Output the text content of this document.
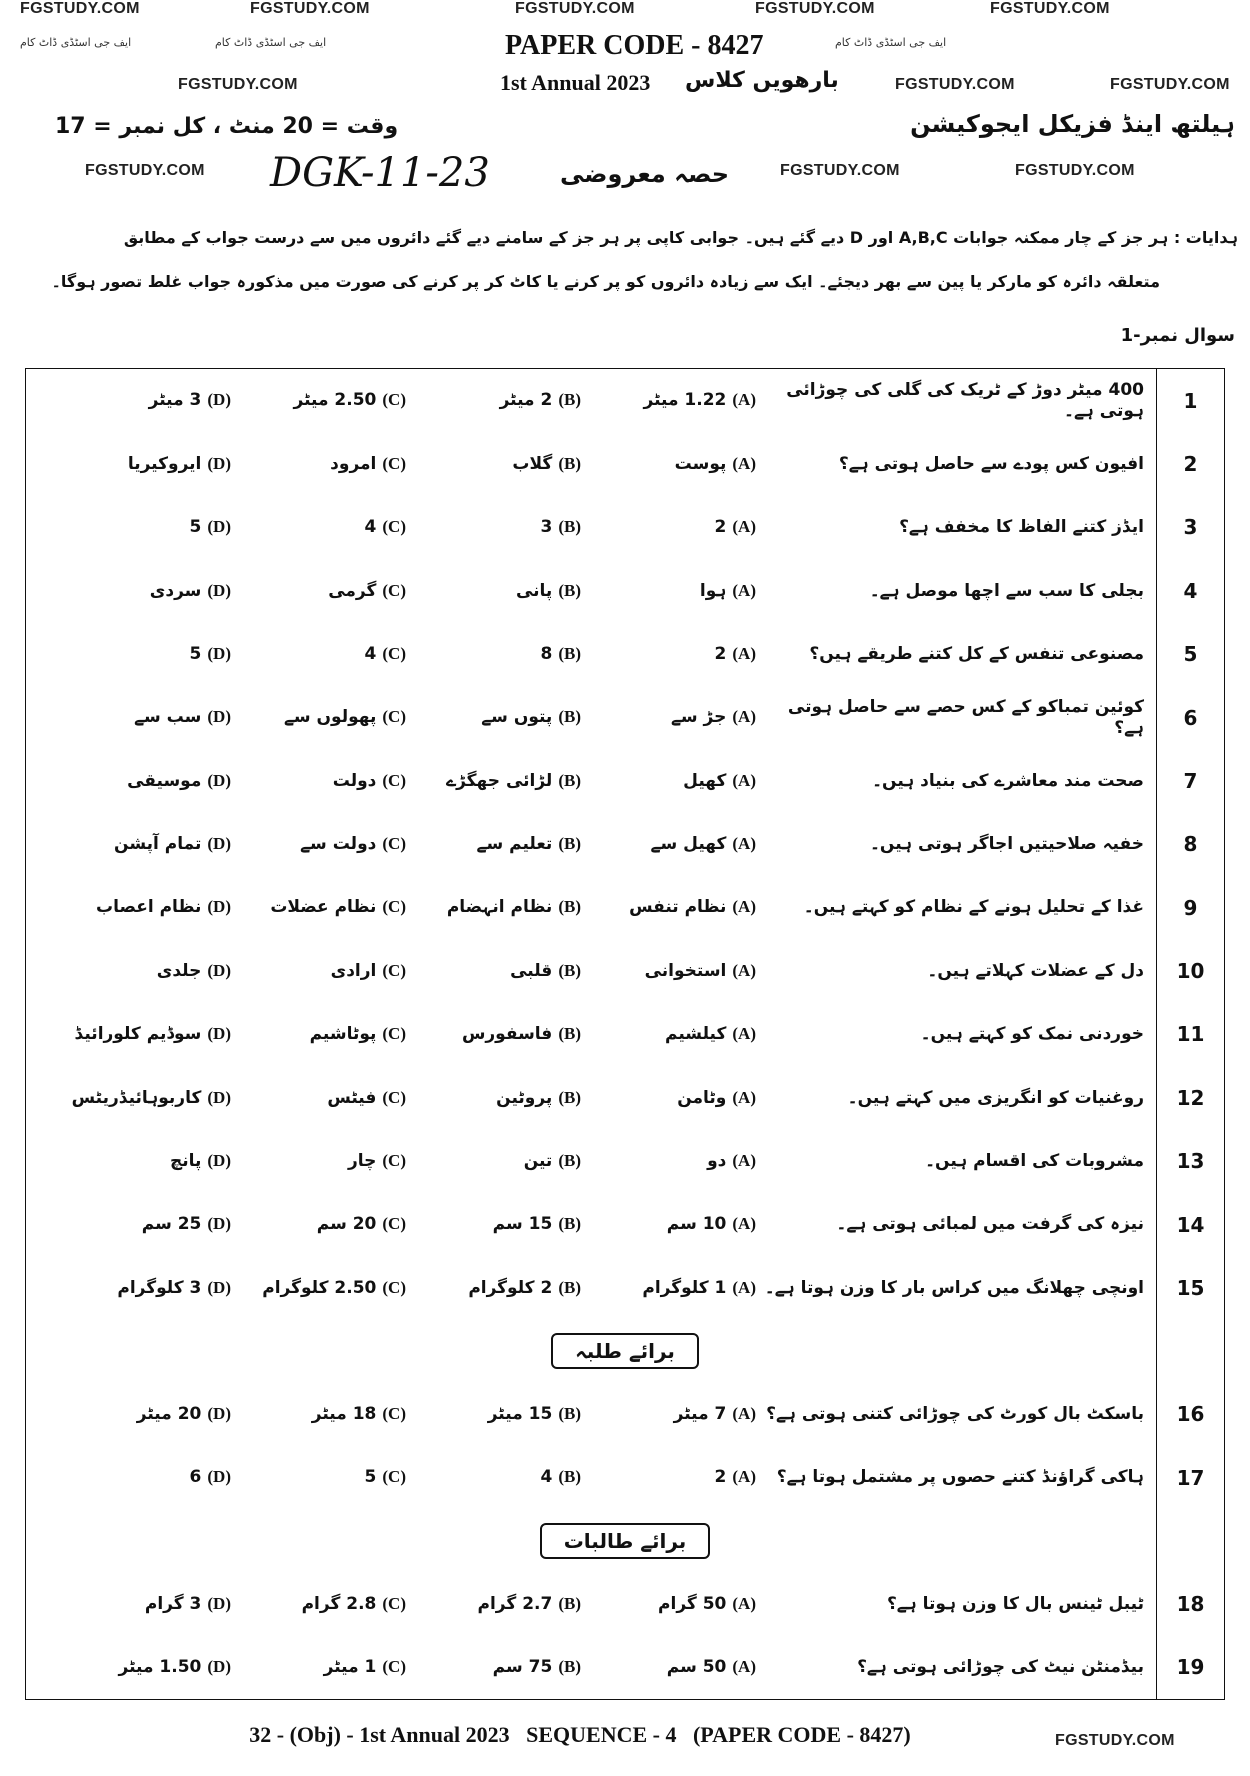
FGSTUDY.COM	FGSTUDY.COM	FGSTUDY.COM	FGSTUDY.COM	FGSTUDY.COM
ایف جی اسٹڈی ڈاٹ کام	ایف جی اسٹڈی ڈاٹ کام	ایف جی اسٹڈی ڈاٹ کام
FGSTUDY.COM	FGSTUDY.COM	FGSTUDY.COM
FGSTUDY.COM	FGSTUDY.COM	FGSTUDY.COM
PAPER CODE - 8427
1st Annual 2023 بارھویں کلاس
ہیلتھ اینڈ فزیکل ایجوکیشن
وقت = 20 منٹ ، کل نمبر = 17
DGK-11-23	حصہ معروضی
ہدایات : ہر جز کے چار ممکنہ جوابات A,B,C اور D دیے گئے ہیں۔ جوابی کاپی پر ہر جز کے سامنے دیے گئے دائروں میں سے درست جواب کے مطابق
متعلقہ دائرہ کو مارکر یا پین سے بھر دیجئے۔ ایک سے زیادہ دائروں کو پر کرنے یا کاٹ کر پر کرنے کی صورت میں مذکورہ جواب غلط تصور ہوگا۔
سوال نمبر-1
1
400 میٹر دوڑ کے ٹریک کی گلی کی چوڑائی ہوتی ہے۔
(A)1.22 میٹر
(B)2 میٹر
(C)2.50 میٹر
(D)3 میٹر
2
افیون کس پودے سے حاصل ہوتی ہے؟
(A)پوست
(B)گلاب
(C)امرود
(D)ایروکیریا
3
ایڈز کتنے الفاظ کا مخفف ہے؟
(A)2
(B)3
(C)4
(D)5
4
بجلی کا سب سے اچھا موصل ہے۔
(A)ہوا
(B)پانی
(C)گرمی
(D)سردی
5
مصنوعی تنفس کے کل کتنے طریقے ہیں؟
(A)2
(B)8
(C)4
(D)5
6
کوئین تمباکو کے کس حصے سے حاصل ہوتی ہے؟
(A)جڑ سے
(B)پتوں سے
(C)پھولوں سے
(D)سب سے
7
صحت مند معاشرے کی بنیاد ہیں۔
(A)کھیل
(B)لڑائی جھگڑے
(C)دولت
(D)موسیقی
8
خفیہ صلاحیتیں اجاگر ہوتی ہیں۔
(A)کھیل سے
(B)تعلیم سے
(C)دولت سے
(D)تمام آپشن
9
غذا کے تحلیل ہونے کے نظام کو کہتے ہیں۔
(A)نظام تنفس
(B)نظام انہضام
(C)نظام عضلات
(D)نظام اعصاب
10
دل کے عضلات کہلاتے ہیں۔
(A)استخوانی
(B)قلبی
(C)ارادی
(D)جلدی
11
خوردنی نمک کو کہتے ہیں۔
(A)کیلشیم
(B)فاسفورس
(C)پوٹاشیم
(D)سوڈیم کلورائیڈ
12
روغنیات کو انگریزی میں کہتے ہیں۔
(A)وٹامن
(B)پروٹین
(C)فیٹس
(D)کاربوہائیڈریٹس
13
مشروبات کی اقسام ہیں۔
(A)دو
(B)تین
(C)چار
(D)پانچ
14
نیزہ کی گرفت میں لمبائی ہوتی ہے۔
(A)10 سم
(B)15 سم
(C)20 سم
(D)25 سم
15
اونچی چھلانگ میں کراس بار کا وزن ہوتا ہے۔
(A)1 کلوگرام
(B)2 کلوگرام
(C)2.50 کلوگرام
(D)3 کلوگرام
برائے طلبہ
16
باسکٹ بال کورٹ کی چوڑائی کتنی ہوتی ہے؟
(A)7 میٹر
(B)15 میٹر
(C)18 میٹر
(D)20 میٹر
17
ہاکی گراؤنڈ کتنے حصوں پر مشتمل ہوتا ہے؟
(A)2
(B)4
(C)5
(D)6
برائے طالبات
18
ٹیبل ٹینس بال کا وزن ہوتا ہے؟
(A)50 گرام
(B)2.7 گرام
(C)2.8 گرام
(D)3 گرام
19
بیڈمنٹن نیٹ کی چوڑائی ہوتی ہے؟
(A)50 سم
(B)75 سم
(C)1 میٹر
(D)1.50 میٹر
32 - (Obj) - 1st Annual 2023   SEQUENCE - 4   (PAPER CODE - 8427)	FGSTUDY.COM
